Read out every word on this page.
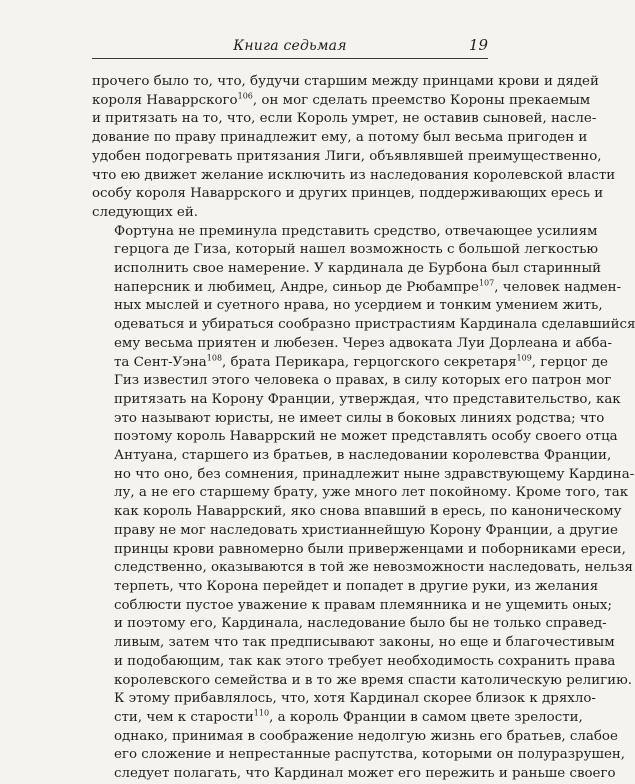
Книга седьмая	19

прочего было то, что, будучи старшим между принцами крови и дядей
короля Наваррского$^{106}$, он мог сделать преемство Короны прекаемым
и притязать на то, что, если Король умрет, не оставив сыновей, насле-
дование по праву принадлежит ему, а потому был весьма пригоден и
удобен подогревать притязания Лиги, объявлявшей преимущественно,
что ею движет желание исключить из наследования королевской власти
особу короля Наваррского и других принцев, поддерживающих ересь и
следующих ей.

Фортуна не преминула представить средство, отвечающее усилиям
герцога де Гиза, который нашел возможность с большой легкостью
исполнить свое намерение. У кардинала де Бурбона был старинный
наперсник и любимец, Андре, синьор де Рюбампре$^{107}$, человек надмен-
ных мыслей и суетного нрава, но усердием и тонким умением жить,
одеваться и убираться сообразно пристрастиям Кардинала сделавшийся
ему весьма приятен и любезен. Через адвоката Луи Дорлеана и абба-
та Сент-Уэна$^{108}$, брата Перикара, герцогского секретаря$^{109}$, герцог де
Гиз известил этого человека о правах, в силу которых его патрон мог
притязать на Корону Франции, утверждая, что представительство, как
это называют юристы, не имеет силы в боковых линиях родства; что
поэтому король Наваррский не может представлять особу своего отца
Антуана, старшего из братьев, в наследовании королевства Франции,
но что оно, без сомнения, принадлежит ныне здравствующему Кардина-
лу, а не его старшему брату, уже много лет покойному. Кроме того, так
как король Наваррский, яко снова впавший в ересь, по каноническому
праву не мог наследовать христианнейшую Корону Франции, а другие
принцы крови равномерно были приверженцами и поборниками ереси,
следственно, оказываются в той же невозможности наследовать, нельзя
терпеть, что Корона перейдет и попадет в другие руки, из желания
соблюсти пустое уважение к правам племянника и не ущемить оных;
и поэтому его, Кардинала, наследование было бы не только справед-
ливым, затем что так предписывают законы, но еще и благочестивым
и подобающим, так как этого требует необходимость сохранить права
королевского семейства и в то же время спасти католическую религию.

К этому прибавлялось, что, хотя Кардинал скорее близок к дряхло-
сти, чем к старости$^{110}$, а король Франции в самом цвете зрелости,
однако, принимая в соображение недолгую жизнь его братьев, слабое
его сложение и непрестанные распутства, которыми он полуразрушен,
следует полагать, что Кардинал может его пережить и раньше своего
